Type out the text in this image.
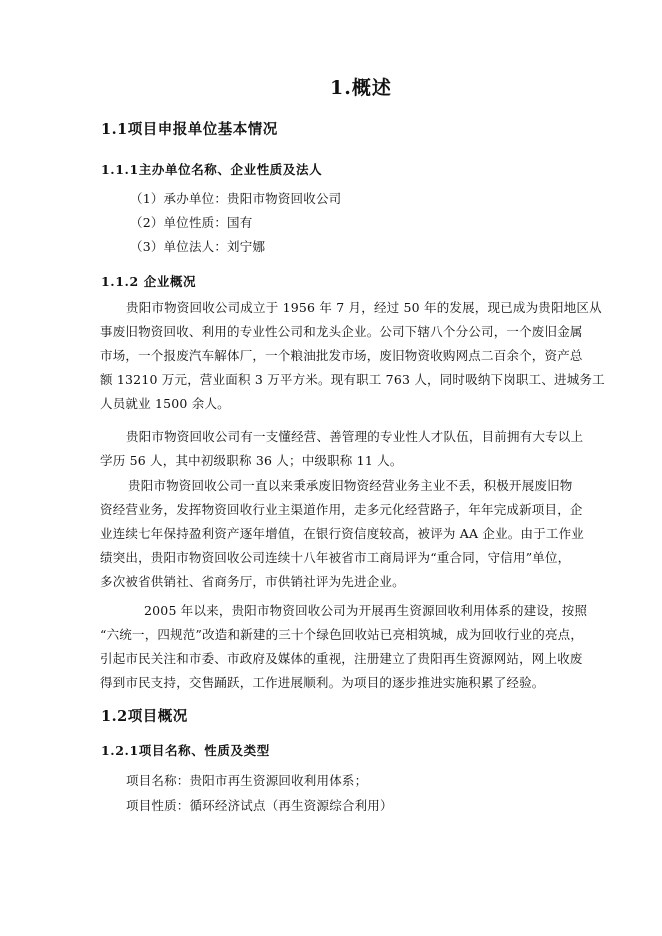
1.概述
1.1项目申报单位基本情况
1.1.1主办单位名称、企业性质及法人
（1）承办单位：贵阳市物资回收公司
（2）单位性质：国有
（3）单位法人：刘宁娜
1.1.2 企业概况
贵阳市物资回收公司成立于 1956 年 7 月，经过 50 年的发展，现已成为贵阳地区从
事废旧物资回收、利用的专业性公司和龙头企业。公司下辖八个分公司，一个废旧金属
市场，一个报废汽车解体厂，一个粮油批发市场，废旧物资收购网点二百余个，资产总
额 13210 万元，营业面积 3 万平方米。现有职工 763 人，同时吸纳下岗职工、进城务工
人员就业 1500 余人。
贵阳市物资回收公司有一支懂经营、善管理的专业性人才队伍，目前拥有大专以上
学历 56 人，其中初级职称 36 人；中级职称 11 人。
贵阳市物资回收公司一直以来秉承废旧物资经营业务主业不丢，积极开展废旧物
资经营业务，发挥物资回收行业主渠道作用，走多元化经营路子，年年完成新项目，企
业连续七年保持盈利资产逐年增值，在银行资信度较高，被评为 AA 企业。由于工作业
绩突出，贵阳市物资回收公司连续十八年被省市工商局评为“重合同，守信用”单位，
多次被省供销社、省商务厅，市供销社评为先进企业。
2005 年以来，贵阳市物资回收公司为开展再生资源回收利用体系的建设，按照
“六统一，四规范”改造和新建的三十个绿色回收站已亮相筑城，成为回收行业的亮点，
引起市民关注和市委、市政府及媒体的重视，注册建立了贵阳再生资源网站，网上收废
得到市民支持，交售踊跃，工作进展顺利。为项目的逐步推进实施积累了经验。
1.2项目概况
1.2.1项目名称、性质及类型
项目名称：贵阳市再生资源回收利用体系；
项目性质：循环经济试点（再生资源综合利用）
